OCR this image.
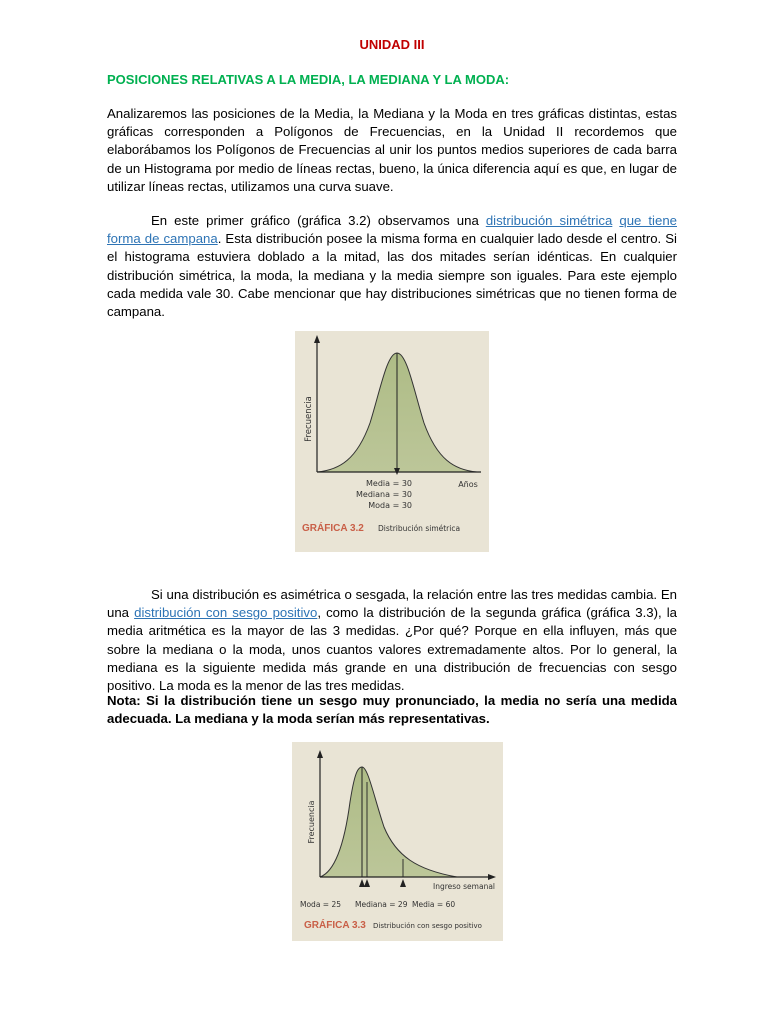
UNIDAD III
POSICIONES RELATIVAS A LA MEDIA, LA MEDIANA Y LA MODA:

Analizaremos las posiciones de la Media, la Mediana y la Moda en tres gráficas distintas, estas gráficas corresponden a Polígonos de Frecuencias, en la Unidad II recordemos que elaborábamos los Polígonos de Frecuencias al unir los puntos medios superiores de cada barra de un Histograma por medio de líneas rectas, bueno, la única diferencia aquí es que, en lugar de utilizar líneas rectas, utilizamos una curva suave.

En este primer gráfico (gráfica 3.2) observamos una distribución simétrica que tiene forma de campana. Esta distribución posee la misma forma en cualquier lado desde el centro. Si el histograma estuviera doblado a la mitad, las dos mitades serían idénticas. En cualquier distribución simétrica, la moda, la mediana y la media siempre son iguales. Para este ejemplo cada medida vale 30. Cabe mencionar que hay distribuciones simétricas que no tienen forma de campana.

Si una distribución es asimétrica o sesgada, la relación entre las tres medidas cambia. En una distribución con sesgo positivo, como la distribución de la segunda gráfica (gráfica 3.3), la media aritmética es la mayor de las 3 medidas. ¿Por qué? Porque en ella influyen, más que sobre la mediana o la moda, unos cuantos valores extremadamente altos. Por lo general, la mediana es la siguiente medida más grande en una distribución de frecuencias con sesgo positivo. La moda es la menor de las tres medidas.

Nota: Si la distribución tiene un sesgo muy pronunciado, la media no sería una medida adecuada. La mediana y la moda serían más representativas.

Frecuencia
Años
Media = 30
Mediana = 30
Moda = 30
GRÁFICA 3.2 Distribución simétrica
Frecuencia
Ingreso semanal
Moda = 25 Mediana = 29 Media = 60
GRÁFICA 3.3 Distribución con sesgo positivo
